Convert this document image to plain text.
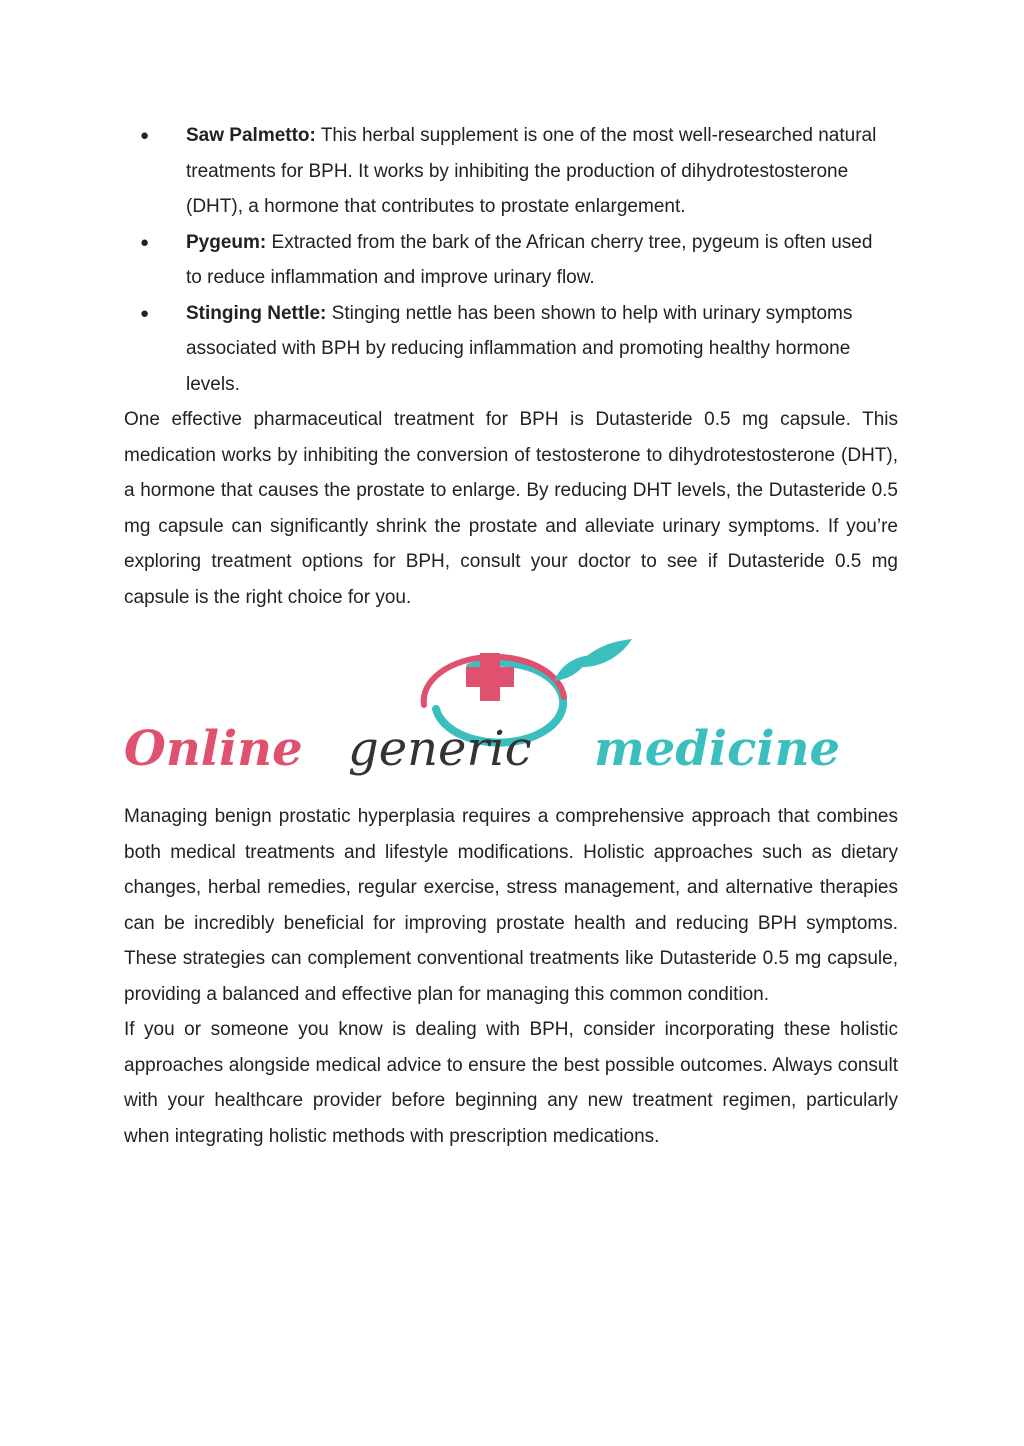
● Saw Palmetto: This herbal supplement is one of the most well-researched natural treatments for BPH. It works by inhibiting the production of dihydrotestosterone (DHT), a hormone that contributes to prostate enlargement.
● Pygeum: Extracted from the bark of the African cherry tree, pygeum is often used to reduce inflammation and improve urinary flow.
● Stinging Nettle: Stinging nettle has been shown to help with urinary symptoms associated with BPH by reducing inflammation and promoting healthy hormone levels.

One effective pharmaceutical treatment for BPH is Dutasteride 0.5 mg capsule. This medication works by inhibiting the conversion of testosterone to dihydrotestosterone (DHT), a hormone that causes the prostate to enlarge. By reducing DHT levels, the Dutasteride 0.5 mg capsule can significantly shrink the prostate and alleviate urinary symptoms. If you’re exploring treatment options for BPH, consult your doctor to see if Dutasteride 0.5 mg capsule is the right choice for you.

Online generic medicine

Managing benign prostatic hyperplasia requires a comprehensive approach that combines both medical treatments and lifestyle modifications. Holistic approaches such as dietary changes, herbal remedies, regular exercise, stress management, and alternative therapies can be incredibly beneficial for improving prostate health and reducing BPH symptoms. These strategies can complement conventional treatments like Dutasteride 0.5 mg capsule, providing a balanced and effective plan for managing this common condition.

If you or someone you know is dealing with BPH, consider incorporating these holistic approaches alongside medical advice to ensure the best possible outcomes. Always consult with your healthcare provider before beginning any new treatment regimen, particularly when integrating holistic methods with prescription medications.
